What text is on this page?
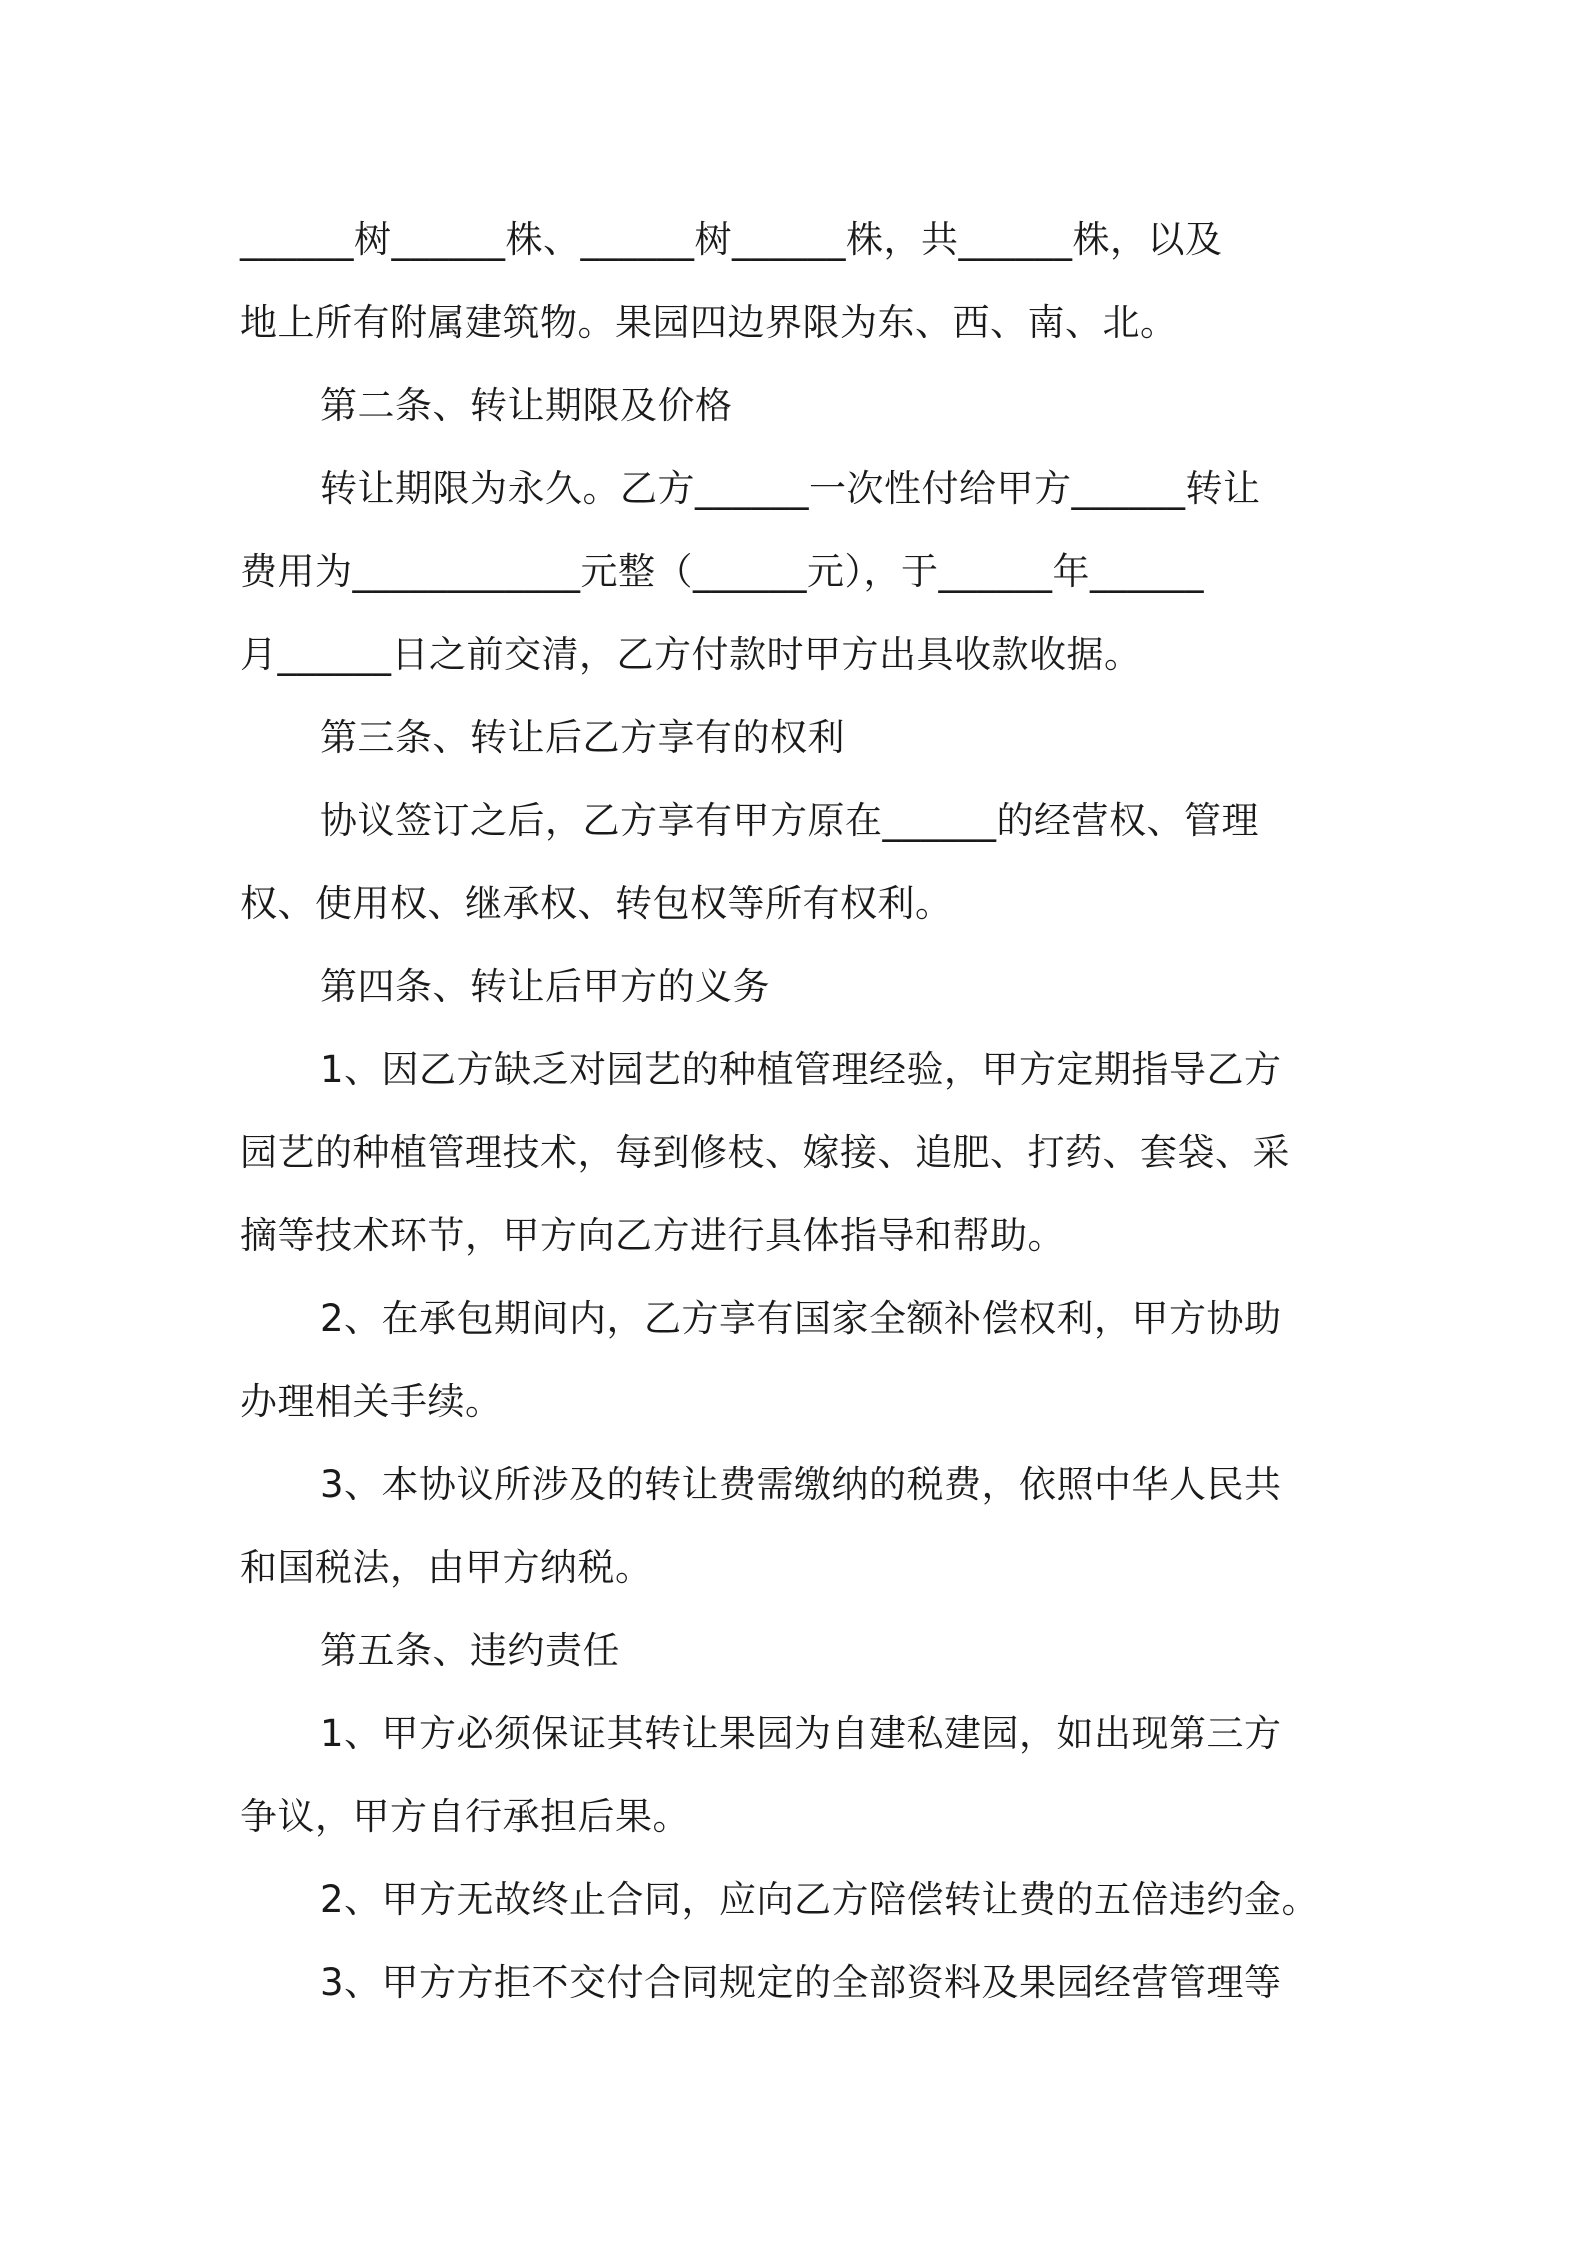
______树______株、______树______株，共______株，以及
地上所有附属建筑物。果园四边界限为东、西、南、北。
第二条、转让期限及价格
转让期限为永久。乙方______一次性付给甲方______转让
费用为____________元整（______元），于______年______
月______日之前交清，乙方付款时甲方出具收款收据。
第三条、转让后乙方享有的权利
协议签订之后，乙方享有甲方原在______的经营权、管理
权、使用权、继承权、转包权等所有权利。
第四条、转让后甲方的义务
1、因乙方缺乏对园艺的种植管理经验，甲方定期指导乙方
园艺的种植管理技术，每到修枝、嫁接、追肥、打药、套袋、采
摘等技术环节，甲方向乙方进行具体指导和帮助。
2、在承包期间内，乙方享有国家全额补偿权利，甲方协助
办理相关手续。
3、本协议所涉及的转让费需缴纳的税费，依照中华人民共
和国税法，由甲方纳税。
第五条、违约责任
1、甲方必须保证其转让果园为自建私建园，如出现第三方
争议，甲方自行承担后果。
2、甲方无故终止合同，应向乙方陪偿转让费的五倍违约金。
3、甲方方拒不交付合同规定的全部资料及果园经营管理等
